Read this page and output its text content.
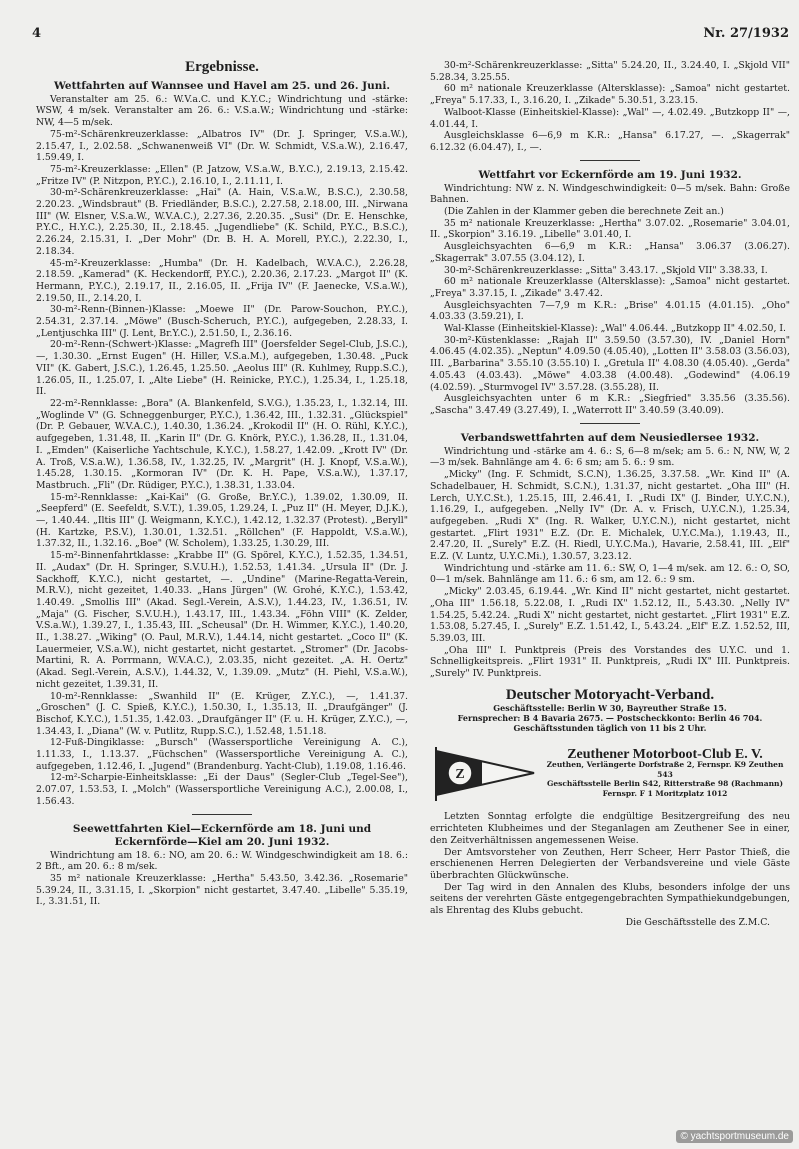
4	Nr. 27/1932
Ergebnisse.
Wettfahrten auf Wannsee und Havel am 25. und 26. Juni.

Veranstalter am 25. 6.: W.V.a.C. und K.Y.C.; Windrichtung und -stärke: WSW, 4 m/sek. Veranstalter am 26. 6.: V.S.a.W.; Windrichtung und -stärke: NW, 4—5 m/sek.

75-m²-Schärenkreuzerklasse: „Albatros IV" (Dr. J. Springer, V.S.a.W.), 2.15.47, I., 2.02.58. „Schwanenweiß VI" (Dr. W. Schmidt, V.S.a.W.), 2.16.47, 1.59.49, I.

75-m²-Kreuzerklasse: „Ellen" (P. Jatzow, V.S.a.W., B.Y.C.), 2.19.13, 2.15.42. „Fritze IV" (P. Nitzpon, P.Y.C.), 2.16.10, I., 2.11.11, I.

30-m²-Schärenkreuzerklasse: „Hai" (A. Hain, V.S.a.W., B.S.C.), 2.30.58, 2.20.23. „Windsbraut" (B. Friedländer, B.S.C.), 2.27.58, 2.18.00, III. „Nirwana III" (W. Elsner, V.S.a.W., W.V.A.C.), 2.27.36, 2.20.35. „Susi" (Dr. E. Henschke, P.Y.C., H.Y.C.), 2.25.30, II., 2.18.45. „Jugendliebe" (K. Schild, P.Y.C., B.S.C.), 2.26.24, 2.15.31, I. „Der Mohr" (Dr. B. H. A. Morell, P.Y.C.), 2.22.30, I., 2.18.34.

45-m²-Kreuzerklasse: „Humba" (Dr. H. Kadelbach, W.V.A.C.), 2.26.28, 2.18.59. „Kamerad" (K. Heckendorff, P.Y.C.), 2.20.36, 2.17.23. „Margot II" (K. Hermann, P.Y.C.), 2.19.17, II., 2.16.05, II. „Frija IV" (F. Jaenecke, V.S.a.W.), 2.19.50, II., 2.14.20, I.

30-m²-Renn-(Binnen-)Klasse: „Moewe II" (Dr. Parow-Souchon, P.Y.C.), 2.54.31, 2.37.14. „Möwe" (Busch-Scheruch, P.Y.C.), aufgegeben, 2.28.33, I. „Lentjuschka III" (J. Lent, Br.Y.C.), 2.51.50, I., 2.36.16.

20-m²-Renn-(Schwert-)Klasse: „Magrefh III" (Joersfelder Segel-Club, J.S.C.), —, 1.30.30. „Ernst Eugen" (H. Hiller, V.S.a.M.), aufgegeben, 1.30.48. „Puck VII" (K. Gabert, J.S.C.), 1.26.45, 1.25.50. „Aeolus III" (R. Kuhlmey, Rupp.S.C.), 1.26.05, II., 1.25.07, I. „Alte Liebe" (H. Reinicke, P.Y.C.), 1.25.34, I., 1.25.18, II.

22-m²-Rennklasse: „Bora" (A. Blankenfeld, S.V.G.), 1.35.23, I., 1.32.14, III. „Woglinde V" (G. Schneggenburger, P.Y.C.), 1.36.42, III., 1.32.31. „Glückspiel" (Dr. P. Gebauer, W.V.A.C.), 1.40.30, 1.36.24. „Krokodil II" (H. O. Rühl, K.Y.C.), aufgegeben, 1.31.48, II. „Karin II" (Dr. G. Knörk, P.Y.C.), 1.36.28, II., 1.31.04, I. „Emden" (Kaiserliche Yachtschule, K.Y.C.), 1.58.27, 1.42.09. „Krott IV" (Dr. A. Troß, V.S.a.W.), 1.36.58, IV., 1.32.25, IV. „Margrit" (H. J. Knopf, V.S.a.W.), 1.45.28, 1.30.15. „Kormoran IV" (Dr. K. H. Pape, V.S.a.W.), 1.37.17, Mastbruch. „Fli" (Dr. Rüdiger, P.Y.C.), 1.38.31, 1.33.04.

15-m²-Rennklasse: „Kai-Kai" (G. Große, Br.Y.C.), 1.39.02, 1.30.09, II. „Seepferd" (E. Seefeldt, S.V.T.), 1.39.05, 1.29.24, I. „Puz II" (H. Meyer, D.J.K.), —, 1.40.44. „Iltis III" (J. Weigmann, K.Y.C.), 1.42.12, 1.32.37 (Protest). „Beryll" (H. Kartzke, P.S.V.), 1.30.01, 1.32.51. „Röllchen" (F. Happoldt, V.S.a.W.), 1.37.32, II., 1.32.16. „Boe" (W. Scholem), 1.33.25, 1.30.29, III.

15-m²-Binnenfahrtklasse: „Krabbe II" (G. Spörel, K.Y.C.), 1.52.35, 1.34.51, II. „Audax" (Dr. H. Springer, S.V.U.H.), 1.52.53, 1.41.34. „Ursula II" (Dr. J. Sackhoff, K.Y.C.), nicht gestartet, —. „Undine" (Marine-Regatta-Verein, M.R.V.), nicht gezeitet, 1.40.33. „Hans Jürgen" (W. Grohé, K.Y.C.), 1.53.42, 1.40.49. „Smollis III" (Akad. Segl.-Verein, A.S.V.), 1.44.23, IV., 1.36.51, IV. „Maja" (G. Fischer, S.V.U.H.), 1.43.17, III., 1.43.34. „Föhn VIII" (K. Zelder, V.S.a.W.), 1.39.27, I., 1.35.43, III. „Scheusal" (Dr. H. Wimmer, K.Y.C.), 1.40.20, II., 1.38.27. „Wiking" (O. Paul, M.R.V.), 1.44.14, nicht gestartet. „Coco II" (K. Lauermeier, V.S.a.W.), nicht gestartet, nicht gestartet. „Stromer" (Dr. Jacobs-Martini, R. A. Porrmann, W.V.A.C.), 2.03.35, nicht gezeitet. „A. H. Oertz" (Akad. Segl.-Verein, A.S.V.), 1.44.32, V., 1.39.09. „Mutz" (H. Piehl, V.S.a.W.), nicht gezeitet, 1.39.31, II.

10-m²-Rennklasse: „Swanhild II" (E. Krüger, Z.Y.C.), —, 1.41.37. „Groschen" (J. C. Spieß, K.Y.C.), 1.50.30, I., 1.35.13, II. „Draufgänger" (J. Bischof, K.Y.C.), 1.51.35, 1.42.03. „Draufgänger II" (F. u. H. Krüger, Z.Y.C.), —, 1.34.43, I. „Diana" (W. v. Putlitz, Rupp.S.C.), 1.52.48, 1.51.18.

12-Fuß-Dingiklasse: „Bursch" (Wassersportliche Vereinigung A. C.), 1.11.33, I., 1.13.37. „Füchschen" (Wassersportliche Vereinigung A. C.), aufgegeben, 1.12.46, I. „Jugend" (Brandenburg. Yacht-Club), 1.19.08, 1.16.46.

12-m²-Scharpie-Einheitsklasse: „Ei der Daus" (Segler-Club „Tegel-See"), 2.07.07, 1.53.53, I. „Molch" (Wassersportliche Vereinigung A.C.), 2.00.08, I., 1.56.43.

Seewettfahrten Kiel—Eckernförde am 18. Juni und Eckernförde—Kiel am 20. Juni 1932.

Windrichtung am 18. 6.: NO, am 20. 6.: W. Windgeschwindigkeit am 18. 6.: 2 Bft., am 20. 6.: 8 m/sek.

35 m² nationale Kreuzerklasse: „Hertha" 5.43.50, 3.42.36. „Rosemarie" 5.39.24, II., 3.31.15, I. „Skorpion" nicht gestartet, 3.47.40. „Libelle" 5.35.19, I., 3.31.51, II.

30-m²-Schärenkreuzerklasse: „Sitta" 5.24.20, II., 3.24.40, I. „Skjold VII" 5.28.34, 3.25.55.

60 m² nationale Kreuzerklasse (Altersklasse): „Samoa" nicht gestartet. „Freya" 5.17.33, I., 3.16.20, I. „Zikade" 5.30.51, 3.23.15.

Walboot-Klasse (Einheitskiel-Klasse): „Wal" —, 4.02.49. „Butzkopp II" —, 4.01.44, I.

Ausgleichsklasse 6—6,9 m K.R.: „Hansa" 6.17.27, —. „Skagerrak" 6.12.32 (6.04.47), I., —.

Wettfahrt vor Eckernförde am 19. Juni 1932.

Windrichtung: NW z. N. Windgeschwindigkeit: 0—5 m/sek. Bahn: Große Bahnen.

(Die Zahlen in der Klammer geben die berechnete Zeit an.)

35 m² nationale Kreuzerklasse: „Hertha" 3.07.02. „Rosemarie" 3.04.01, II. „Skorpion" 3.16.19. „Libelle" 3.01.40, I.

Ausgleichsyachten 6—6,9 m K.R.: „Hansa" 3.06.37 (3.06.27). „Skagerrak" 3.07.55 (3.04.12), I.

30-m²-Schärenkreuzerklasse: „Sitta" 3.43.17. „Skjold VII" 3.38.33, I.

60 m² nationale Kreuzerklasse (Altersklasse): „Samoa" nicht gestartet. „Freya" 3.37.15, I. „Zikade" 3.47.42.

Ausgleichsyachten 7—7,9 m K.R.: „Brise" 4.01.15 (4.01.15). „Oho" 4.03.33 (3.59.21), I.

Wal-Klasse (Einheitskiel-Klasse): „Wal" 4.06.44. „Butzkopp II" 4.02.50, I.

30-m²-Küstenklasse: „Rajah II" 3.59.50 (3.57.30), IV. „Daniel Horn" 4.06.45 (4.02.35). „Neptun" 4.09.50 (4.05.40), „Lotten II" 3.58.03 (3.56.03), III. „Barbarina" 3.55.10 (3.55.10) I. „Gretula II" 4.08.30 (4.05.40). „Gerda" 4.05.43 (4.03.43). „Möwe" 4.03.38 (4.00.48). „Godewind" (4.06.19 (4.02.59). „Sturmvogel IV" 3.57.28. (3.55.28), II.

Ausgleichsyachten unter 6 m K.R.: „Siegfried" 3.35.56 (3.35.56). „Sascha" 3.47.49 (3.27.49), I. „Waterrott II" 3.40.59 (3.40.09).

Verbandswettfahrten auf dem Neusiedlersee 1932.

Windrichtung und -stärke am 4. 6.: S, 6—8 m/sek; am 5. 6.: N, NW, W, 2—3 m/sek. Bahnlänge am 4. 6: 6 sm; am 5. 6.: 9 sm.

„Micky" (Ing. F. Schmidt, S.C.N), 1.36.25, 3.37.58. „Wr. Kind II" (A. Schadelbauer, H. Schmidt, S.C.N.), 1.31.37, nicht gestartet. „Oha III" (H. Lerch, U.Y.C.St.), 1.25.15, III, 2.46.41, I. „Rudi IX" (J. Binder, U.Y.C.N.), 1.16.29, I., aufgegeben. „Nelly IV" (Dr. A. v. Frisch, U.Y.C.N.), 1.25.34, aufgegeben. „Rudi X" (Ing. R. Walker, U.Y.C.N.), nicht gestartet, nicht gestartet. „Flirt 1931" E.Z. (Dr. E. Michalek, U.Y.C.Ma.), 1.19.43, II., 2.47.20, II. „Surely" E.Z. (H. Riedl, U.Y.C.Ma.), Havarie, 2.58.41, III. „Elf" E.Z. (V. Luntz, U.Y.C.Mi.), 1.30.57, 3.23.12.

Windrichtung und -stärke am 11. 6.: SW, O, 1—4 m/sek. am 12. 6.: O, SO, 0—1 m/sek. Bahnlänge am 11. 6.: 6 sm, am 12. 6.: 9 sm.

„Micky" 2.03.45, 6.19.44. „Wr. Kind II" nicht gestartet, nicht gestartet. „Oha III" 1.56.18, 5.22.08, I. „Rudi IX" 1.52.12, II., 5.43.30. „Nelly IV" 1.54.25, 5.42.24. „Rudi X" nicht gestartet, nicht gestartet. „Flirt 1931" E.Z. 1.53.08, 5.27.45, I. „Surely" E.Z. 1.51.42, I., 5.43.24. „Elf" E.Z. 1.52.52, III, 5.39.03, III.

„Oha III" I. Punktpreis (Preis des Vorstandes des U.Y.C. und 1. Schnelligkeitspreis. „Flirt 1931" II. Punktpreis, „Rudi IX" III. Punktpreis. „Surely" IV. Punktpreis.

Deutscher Motoryacht-Verband.
Geschäftsstelle: Berlin W 30, Bayreuther Straße 15.
Fernsprecher: B 4 Bavaria 2675. — Postscheckkonto: Berlin 46 704.
Geschäftsstunden täglich von 11 bis 2 Uhr.
Z
Zeuthener Motorboot-Club E. V.
Zeuthen, Verlängerte Dorfstraße 2, Fernspr. K9 Zeuthen 543
Geschäftsstelle Berlin S42, Ritterstraße 98 (Rachmann)
Fernspr. F 1 Moritzplatz 1012

Letzten Sonntag erfolgte die endgültige Besitzergreifung des neu errichteten Klubheimes und der Steganlagen am Zeuthener See in einer, den Zeitverhältnissen angemessenen Weise.

Der Amtsvorsteher von Zeuthen, Herr Scheer, Herr Pastor Thieß, die erschienenen Herren Delegierten der Verbandsvereine und viele Gäste überbrachten Glückwünsche.

Der Tag wird in den Annalen des Klubs, besonders infolge der uns seitens der verehrten Gäste entgegengebrachten Sympathiekundgebungen, als Ehrentag des Klubs gebucht.

Die Geschäftsstelle des Z.M.C.
© yachtsportmuseum.de
